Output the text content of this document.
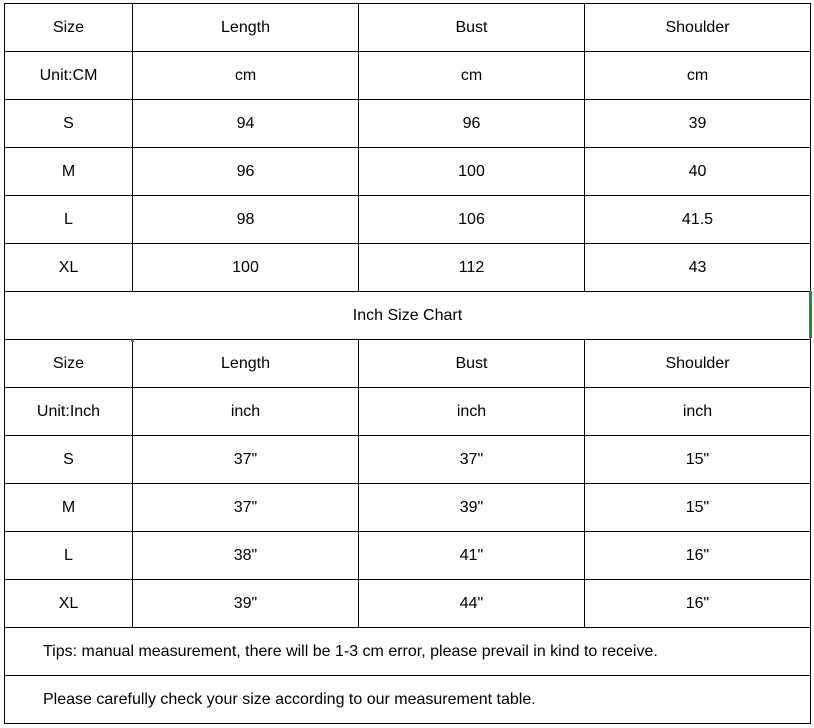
Size	Length	Bust	Shoulder
Unit:CM	cm	cm	cm
S	94	96	39
M	96	100	40
L	98	106	41.5
XL	100	112	43
Inch Size Chart			
Size	Length	Bust	Shoulder
Unit:Inch	inch	inch	inch
S	37"	37"	15"
M	37"	39"	15"
L	38"	41"	16"
XL	39"	44"	16"
Tips: manual measurement, there will be 1-3 cm error, please prevail in kind to receive.			
Please carefully check your size according to our measurement table.			
